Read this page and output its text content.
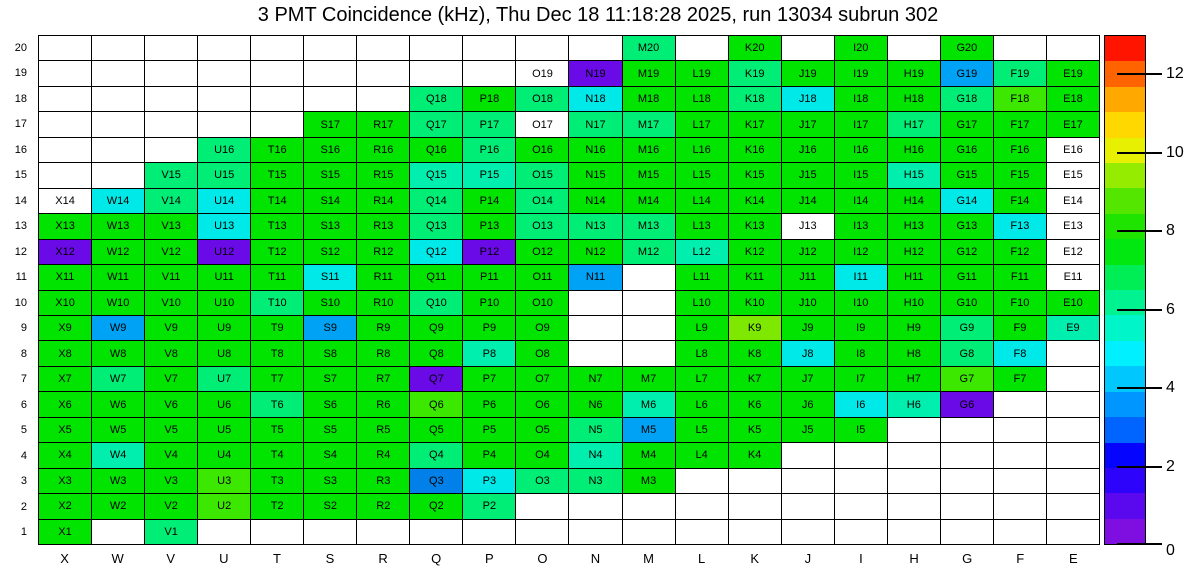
3 PMT Coincidence (kHz), Thu Dec 18 11:18:28 2025, run 13034 subrun 302
20
19
18
17
16
15
14
13
12
11
10
9
8
7
6
5
4
3
2
1
M20	K20	I20	G20
O19	N19	M19	L19	K19	J19	I19	H19	G19	F19	E19
Q18	P18	O18	N18	M18	L18	K18	J18	I18	H18	G18	F18	E18
S17	R17	Q17	P17	O17	N17	M17	L17	K17	J17	I17	H17	G17	F17	E17
U16	T16	S16	R16	Q16	P16	O16	N16	M16	L16	K16	J16	I16	H16	G16	F16	E16
V15	U15	T15	S15	R15	Q15	P15	O15	N15	M15	L15	K15	J15	I15	H15	G15	F15	E15
X14	W14	V14	U14	T14	S14	R14	Q14	P14	O14	N14	M14	L14	K14	J14	I14	H14	G14	F14	E14
X13	W13	V13	U13	T13	S13	R13	Q13	P13	O13	N13	M13	L13	K13	J13	I13	H13	G13	F13	E13
X12	W12	V12	U12	T12	S12	R12	Q12	P12	O12	N12	M12	L12	K12	J12	I12	H12	G12	F12	E12
X11	W11	V11	U11	T11	S11	R11	Q11	P11	O11	N11	L11	K11	J11	I11	H11	G11	F11	E11
X10	W10	V10	U10	T10	S10	R10	Q10	P10	O10	L10	K10	J10	I10	H10	G10	F10	E10
X9	W9	V9	U9	T9	S9	R9	Q9	P9	O9	L9	K9	J9	I9	H9	G9	F9	E9
X8	W8	V8	U8	T8	S8	R8	Q8	P8	O8	L8	K8	J8	I8	H8	G8	F8
X7	W7	V7	U7	T7	S7	R7	Q7	P7	O7	N7	M7	L7	K7	J7	I7	H7	G7	F7
X6	W6	V6	U6	T6	S6	R6	Q6	P6	O6	N6	M6	L6	K6	J6	I6	H6	G6
X5	W5	V5	U5	T5	S5	R5	Q5	P5	O5	N5	M5	L5	K5	J5	I5
X4	W4	V4	U4	T4	S4	R4	Q4	P4	O4	N4	M4	L4	K4
X3	W3	V3	U3	T3	S3	R3	Q3	P3	O3	N3	M3
X2	W2	V2	U2	T2	S2	R2	Q2	P2
X1	V1
X	W	V	U	T	S	R	Q	P	O	N	M	L	K	J	I	H	G	F	E	0
2
4
6
8
10
12
